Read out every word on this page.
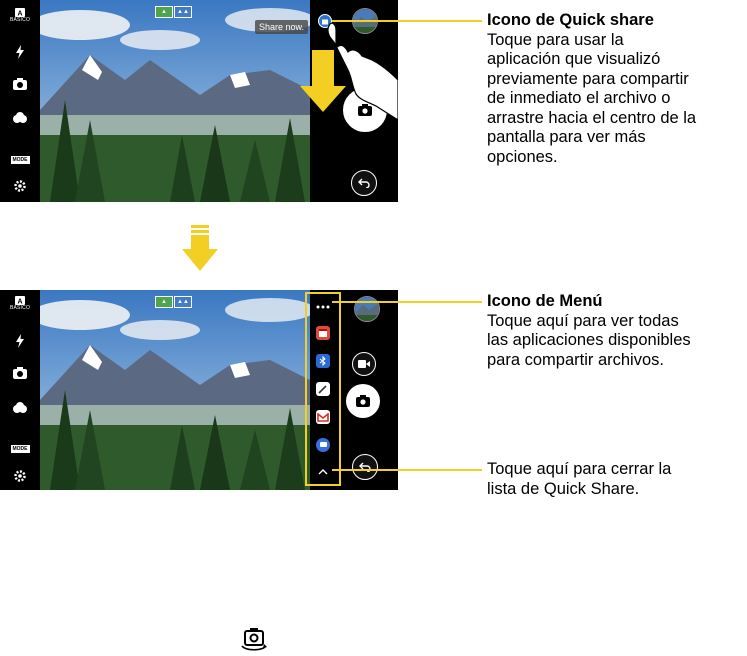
A
BÁSICO
MODE
▲	▲▲
Share now.	Icono de Quick share
Toque para usar la
aplicación que visualizó
previamente para compartir
de inmediato el archivo o
arrastre hacia el centro de la
pantalla para ver más
opciones.
A
BÁSICO
MODE
▲	▲▲	Icono de Menú
Toque aquí para ver todas
las aplicaciones disponibles
para compartir archivos.
Toque aquí para cerrar la
lista de Quick Share.
